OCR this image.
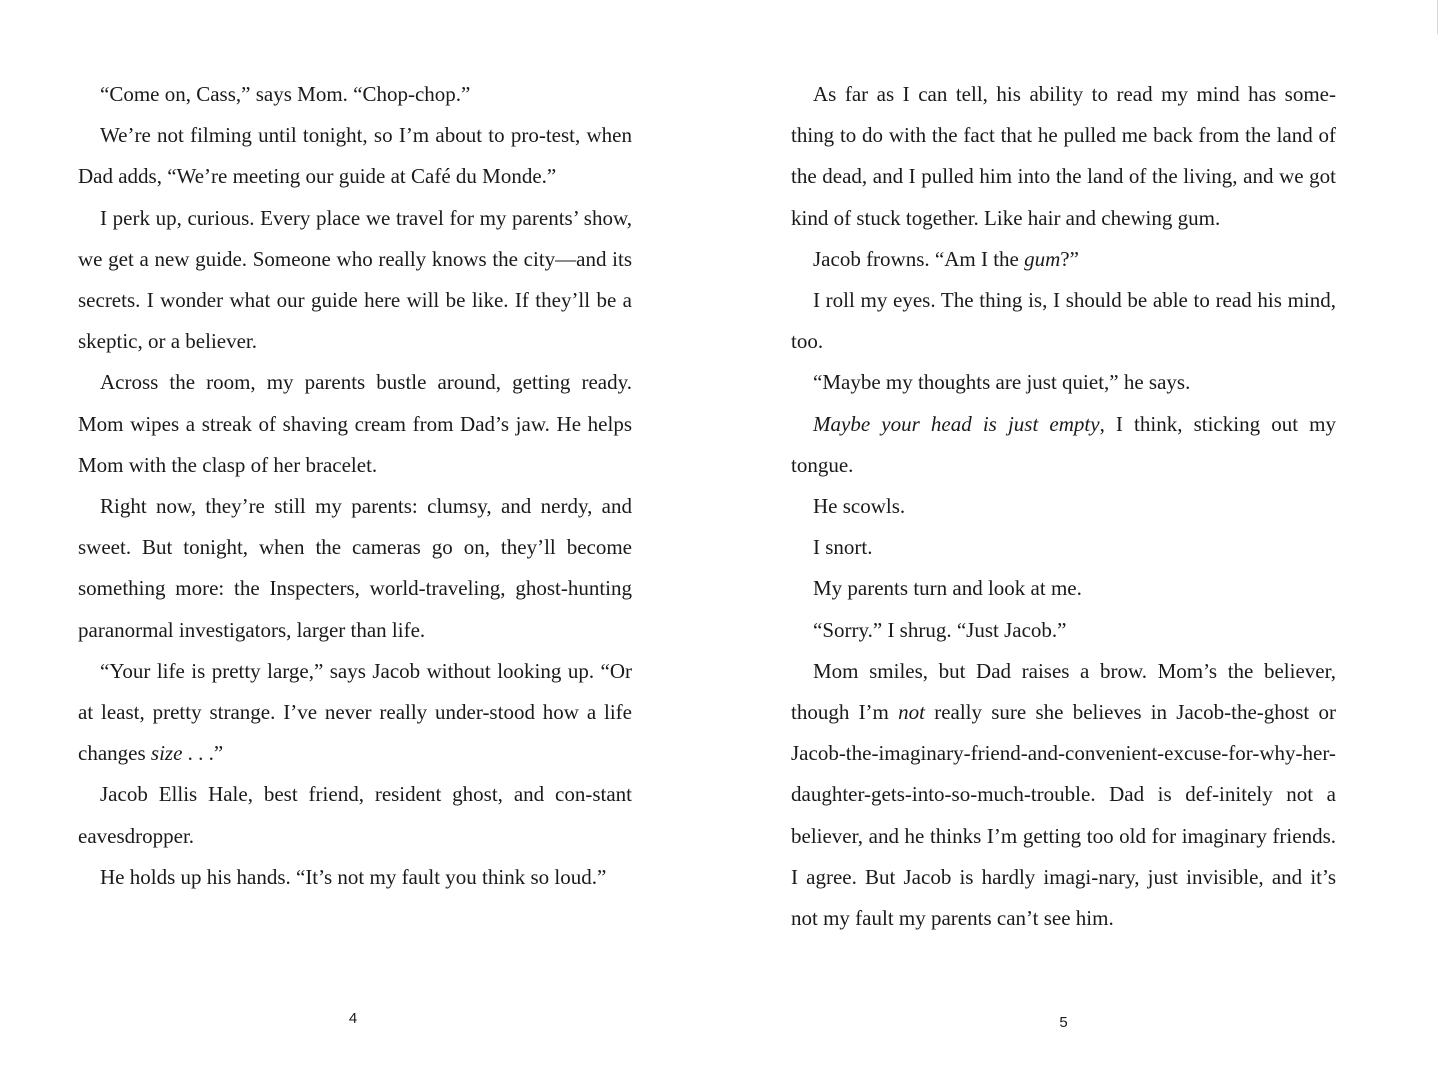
“Come on, Cass,” says Mom. “Chop-chop.”

We’re not filming until tonight, so I’m about to pro-test, when Dad adds, “We’re meeting our guide at Café du Monde.”

I perk up, curious. Every place we travel for my parents’ show, we get a new guide. Someone who really knows the city—and its secrets. I wonder what our guide here will be like. If they’ll be a skeptic, or a believer.

Across the room, my parents bustle around, getting ready. Mom wipes a streak of shaving cream from Dad’s jaw. He helps Mom with the clasp of her bracelet.

Right now, they’re still my parents: clumsy, and nerdy, and sweet. But tonight, when the cameras go on, they’ll become something more: the Inspecters, world-traveling, ghost-hunting paranormal investigators, larger than life.

“Your life is pretty large,” says Jacob without looking up. “Or at least, pretty strange. I’ve never really under-stood how a life changes size . . .”

Jacob Ellis Hale, best friend, resident ghost, and con-stant eavesdropper.

He holds up his hands. “It’s not my fault you think so loud.”

4

As far as I can tell, his ability to read my mind has some-thing to do with the fact that he pulled me back from the land of the dead, and I pulled him into the land of the living, and we got kind of stuck together. Like hair and chewing gum.

Jacob frowns. “Am I the gum?”

I roll my eyes. The thing is, I should be able to read his mind, too.

“Maybe my thoughts are just quiet,” he says.

Maybe your head is just empty, I think, sticking out my tongue.

He scowls.

I snort.

My parents turn and look at me.

“Sorry.” I shrug. “Just Jacob.”

Mom smiles, but Dad raises a brow. Mom’s the believer, though I’m not really sure she believes in Jacob-the-ghost or Jacob-the-imaginary-friend-and-convenient-excuse-for-why-her-daughter-gets-into-so-much-trouble. Dad is def-initely not a believer, and he thinks I’m getting too old for imaginary friends. I agree. But Jacob is hardly imagi-nary, just invisible, and it’s not my fault my parents can’t see him.

5
